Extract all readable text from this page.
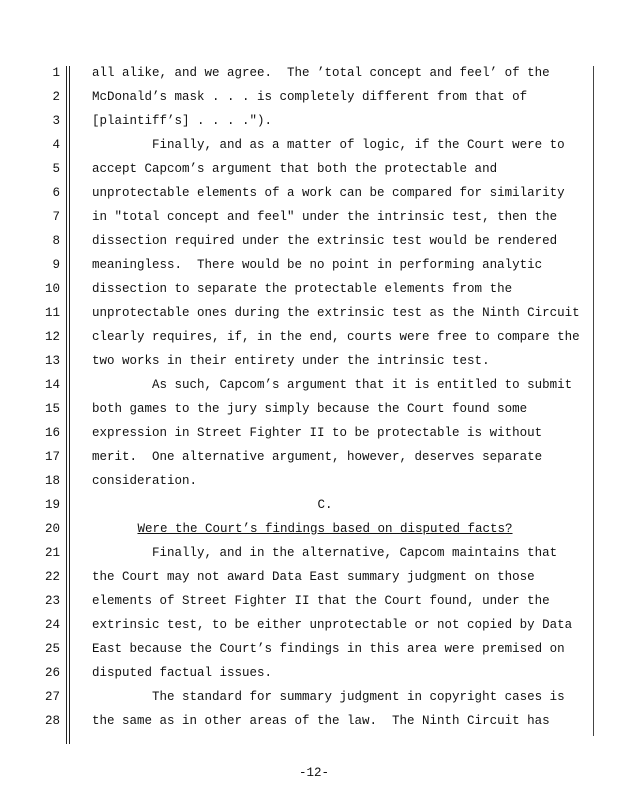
1	all alike, and we agree.  The ’total concept and feel’ of the
2	McDonald’s mask . . . is completely different from that of
3	[plaintiff’s] . . . .").
4	Finally, and as a matter of logic, if the Court were to
5	accept Capcom’s argument that both the protectable and
6	unprotectable elements of a work can be compared for similarity
7	in "total concept and feel" under the intrinsic test, then the
8	dissection required under the extrinsic test would be rendered
9	meaningless.  There would be no point in performing analytic
10	dissection to separate the protectable elements from the
11	unprotectable ones during the extrinsic test as the Ninth Circuit
12	clearly requires, if, in the end, courts were free to compare the
13	two works in their entirety under the intrinsic test.
14	As such, Capcom’s argument that it is entitled to submit
15	both games to the jury simply because the Court found some
16	expression in Street Fighter II to be protectable is without
17	merit.  One alternative argument, however, deserves separate
18	consideration.
19	C.
20	Were the Court’s findings based on disputed facts?
21	Finally, and in the alternative, Capcom maintains that
22	the Court may not award Data East summary judgment on those
23	elements of Street Fighter II that the Court found, under the
24	extrinsic test, to be either unprotectable or not copied by Data
25	East because the Court’s findings in this area were premised on
26	disputed factual issues.
27	The standard for summary judgment in copyright cases is
28	the same as in other areas of the law.  The Ninth Circuit has
-12-
